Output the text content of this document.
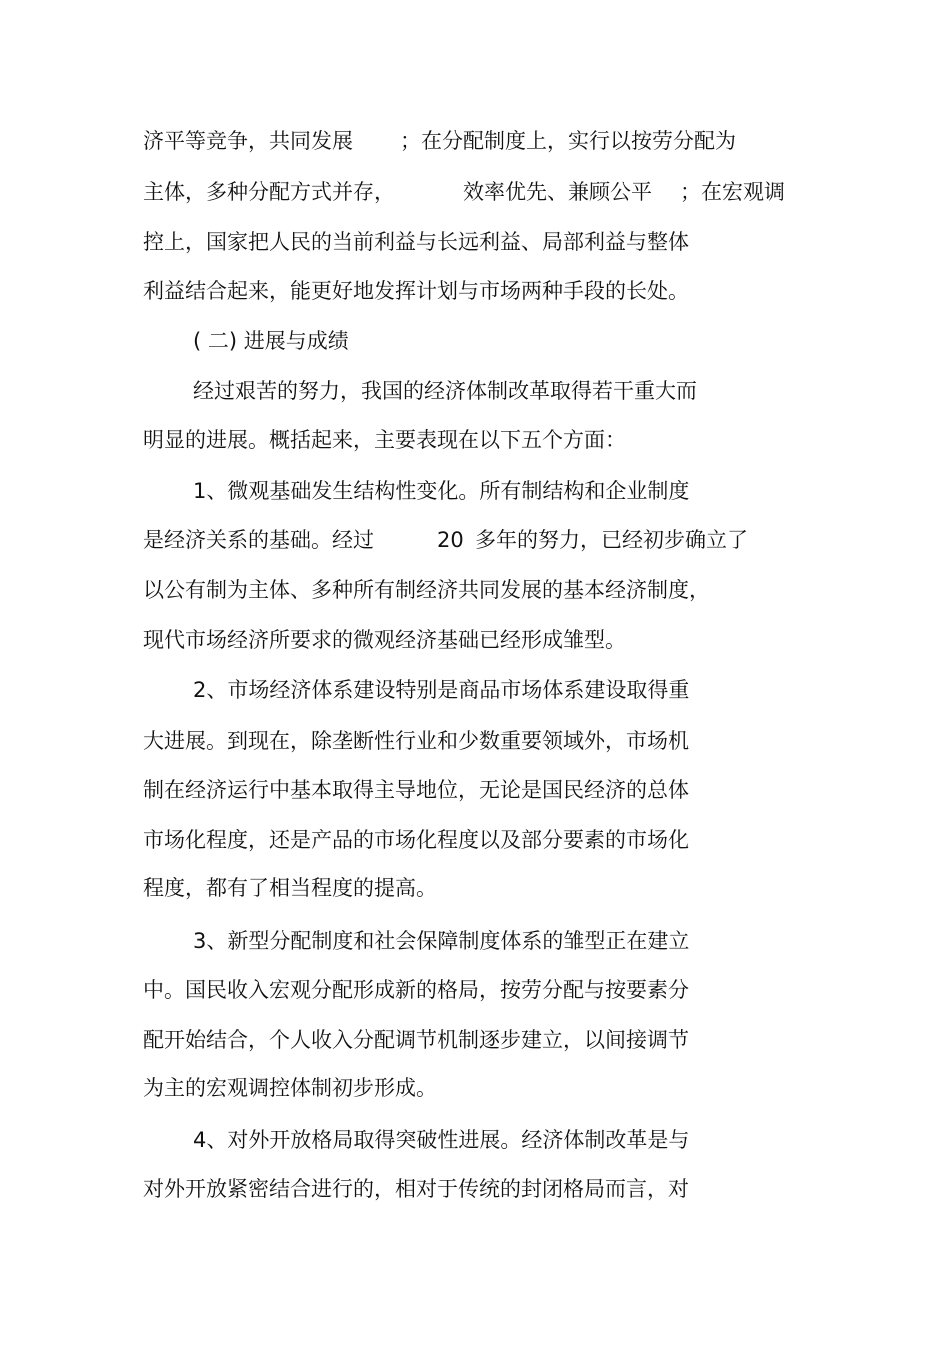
济平等竞争，共同发展

；在分配制度上，实行以按劳分配为

主体，多种分配方式并存，

	效率优先、兼顾公平

；在宏观调

控上，国家把人民的当前利益与长远利益、局部利益与整体

利益结合起来，能更好地发挥计划与市场两种手段的长处。

( 二) 进展与成绩

经过艰苦的努力，我国的经济体制改革取得若干重大而

明显的进展。概括起来，主要表现在以下五个方面：

1、微观基础发生结构性变化。所有制结构和企业制度

是经济关系的基础。经过

	20

多年的努力，已经初步确立了

以公有制为主体、多种所有制经济共同发展的基本经济制度，

现代市场经济所要求的微观经济基础已经形成雏型。

2、市场经济体系建设特别是商品市场体系建设取得重

大进展。到现在，除垄断性行业和少数重要领域外，市场机

制在经济运行中基本取得主导地位，无论是国民经济的总体

市场化程度，还是产品的市场化程度以及部分要素的市场化

程度，都有了相当程度的提高。

3、新型分配制度和社会保障制度体系的雏型正在建立

中。国民收入宏观分配形成新的格局，按劳分配与按要素分

配开始结合，个人收入分配调节机制逐步建立，以间接调节

为主的宏观调控体制初步形成。

4、对外开放格局取得突破性进展。经济体制改革是与

对外开放紧密结合进行的，相对于传统的封闭格局而言，对
